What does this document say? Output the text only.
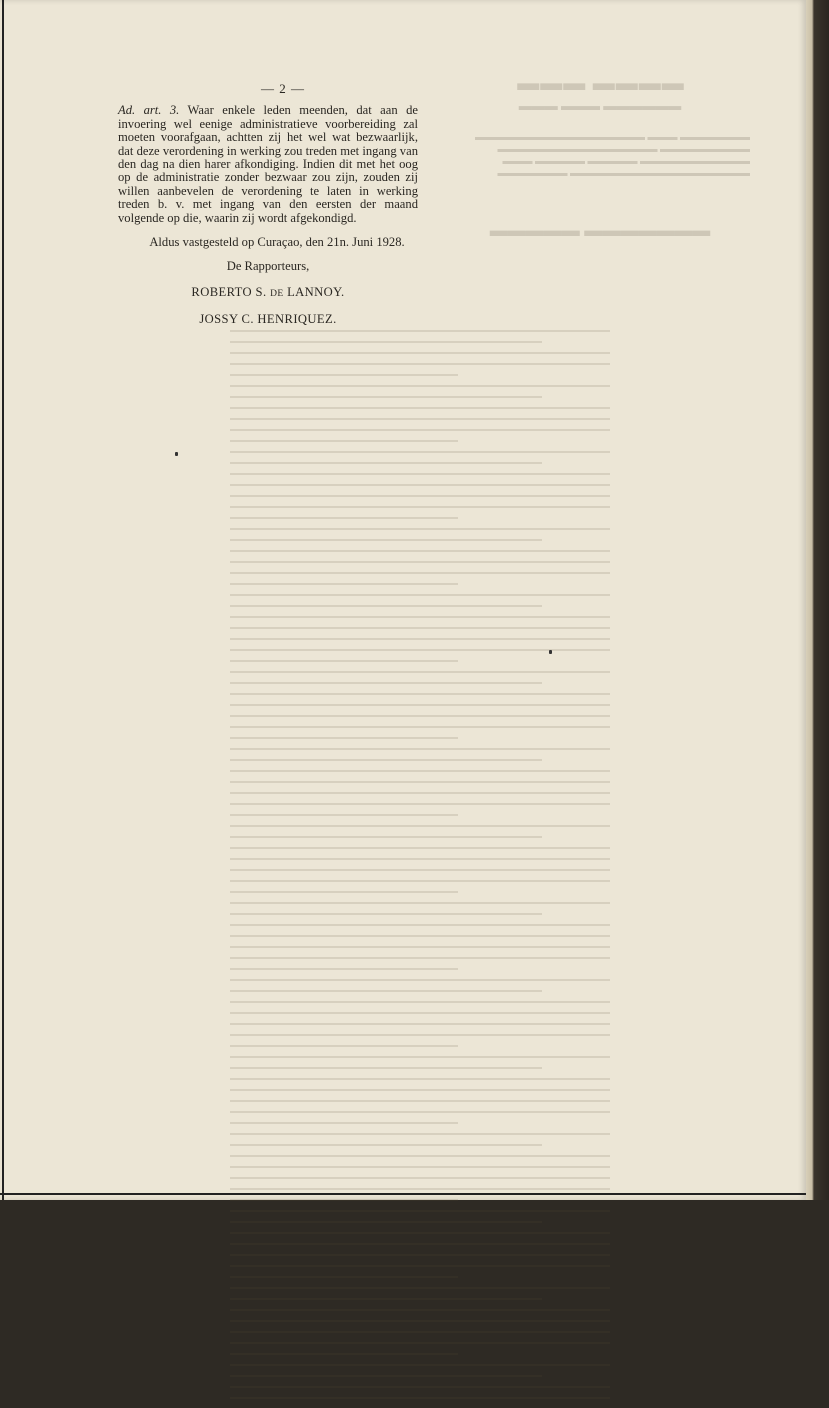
▬▬▬▬ ▬▬▬
▬▬▬▬▬▬ ▬▬▬ ▬▬▬
▬▬▬▬▬▬▬ ▬▬▬ ▬▬▬▬▬▬▬▬▬▬▬▬▬▬▬▬▬
▬▬▬▬▬▬▬▬▬ ▬▬▬▬▬▬▬▬▬▬▬▬▬▬▬▬
▬▬▬▬▬▬▬▬▬▬▬ ▬▬▬▬▬ ▬▬▬▬▬ ▬▬▬
▬▬▬▬▬▬▬▬▬▬▬▬▬▬▬▬▬▬ ▬▬▬▬▬▬▬
▬▬▬▬▬▬▬ ▬▬▬▬▬
— 2 —

Ad. art. 3. Waar enkele leden meenden, dat aan de invoering wel eenige administratieve voorbereiding zal moeten voorafgaan, achtten zij het wel wat bezwaarlijk, dat deze verordening in werking zou treden met ingang van den dag na dien harer afkondiging. Indien dit met het oog op de administratie zonder bezwaar zou zijn, zouden zij willen aanbevelen de verordening te laten in werking treden b. v. met ingang van den eersten der maand volgende op die, waarin zij wordt afgekondigd.

Aldus vastgesteld op Curaçao, den 21n. Juni 1928.
De Rapporteurs,
ROBERTO S. DE LANNOY.
JOSSY C. HENRIQUEZ.
